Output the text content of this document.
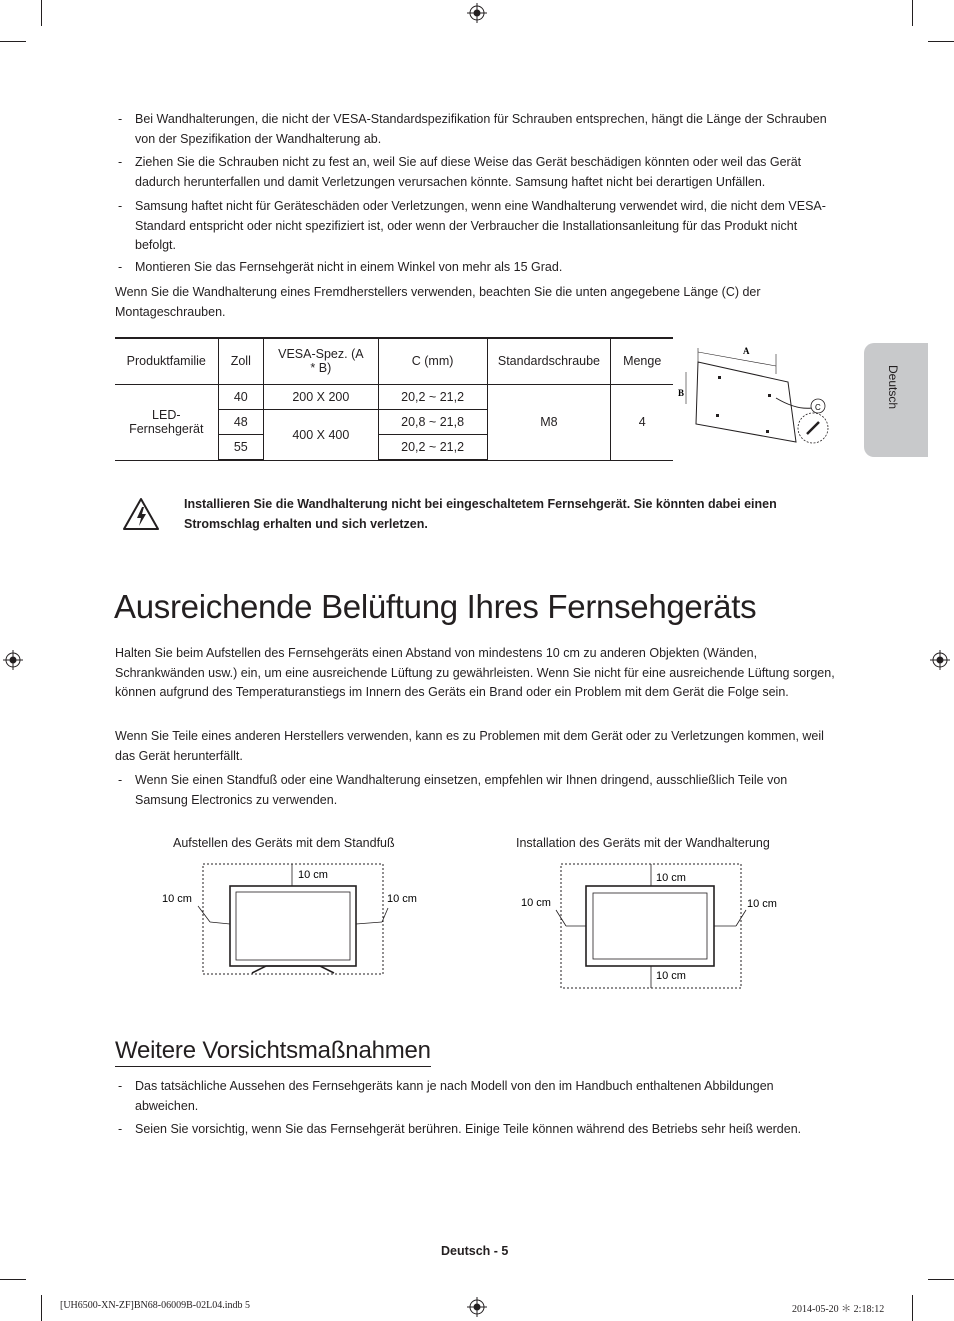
- Bei Wandhalterungen, die nicht der VESA-Standardspezifikation für Schrauben entsprechen, hängt die Länge der Schrauben von der Spezifikation der Wandhalterung ab.
- Ziehen Sie die Schrauben nicht zu fest an, weil Sie auf diese Weise das Gerät beschädigen könnten oder weil das Gerät dadurch herunterfallen und damit Verletzungen verursachen könnte. Samsung haftet nicht bei derartigen Unfällen.
- Samsung haftet nicht für Geräteschäden oder Verletzungen, wenn eine Wandhalterung verwendet wird, die nicht dem VESA-Standard entspricht oder nicht spezifiziert ist, oder wenn der Verbraucher die Installationsanleitung für das Produkt nicht befolgt.
- Montieren Sie das Fernsehgerät nicht in einem Winkel von mehr als 15 Grad.
Wenn Sie die Wandhalterung eines Fremdherstellers verwenden, beachten Sie die unten angegebene Länge (C) der Montageschrauben.
Produktfamilie	Zoll	VESA-Spez. (A * B)	C (mm)	Standardschraube	Menge
LED-Fernsehgerät	40	200 X 200	20,2 ~ 21,2	M8	4
	48	400 X 400	20,8 ~ 21,8		
	55		20,2 ~ 21,2		
A
B
C	Deutsch
Installieren Sie die Wandhalterung nicht bei eingeschaltetem Fernsehgerät. Sie könnten dabei einen Stromschlag erhalten und sich verletzen.
Ausreichende Belüftung Ihres Fernsehgeräts
Halten Sie beim Aufstellen des Fernsehgeräts einen Abstand von mindestens 10 cm zu anderen Objekten (Wänden, Schrankwänden usw.) ein, um eine ausreichende Lüftung zu gewährleisten. Wenn Sie nicht für eine ausreichende Lüftung sorgen, können aufgrund des Temperaturanstiegs im Innern des Geräts ein Brand oder ein Problem mit dem Gerät die Folge sein.
Wenn Sie Teile eines anderen Herstellers verwenden, kann es zu Problemen mit dem Gerät oder zu Verletzungen kommen, weil das Gerät herunterfällt.
- Wenn Sie einen Standfuß oder eine Wandhalterung einsetzen, empfehlen wir Ihnen dringend, ausschließlich Teile von Samsung Electronics zu verwenden.
Aufstellen des Geräts mit dem Standfuß	Installation des Geräts mit der Wandhalterung
10 cm
10 cm	10 cm
10 cm
10 cm
10 cm	10 cm
Weitere Vorsichtsmaßnahmen
- Das tatsächliche Aussehen des Fernsehgeräts kann je nach Modell von den im Handbuch enthaltenen Abbildungen abweichen.
- Seien Sie vorsichtig, wenn Sie das Fernsehgerät berühren. Einige Teile können während des Betriebs sehr heiß werden.
Deutsch - 5
[UH6500-XN-ZF]BN68-06009B-02L04.indb 5	2014-05-20 ＊ 2:18:12
